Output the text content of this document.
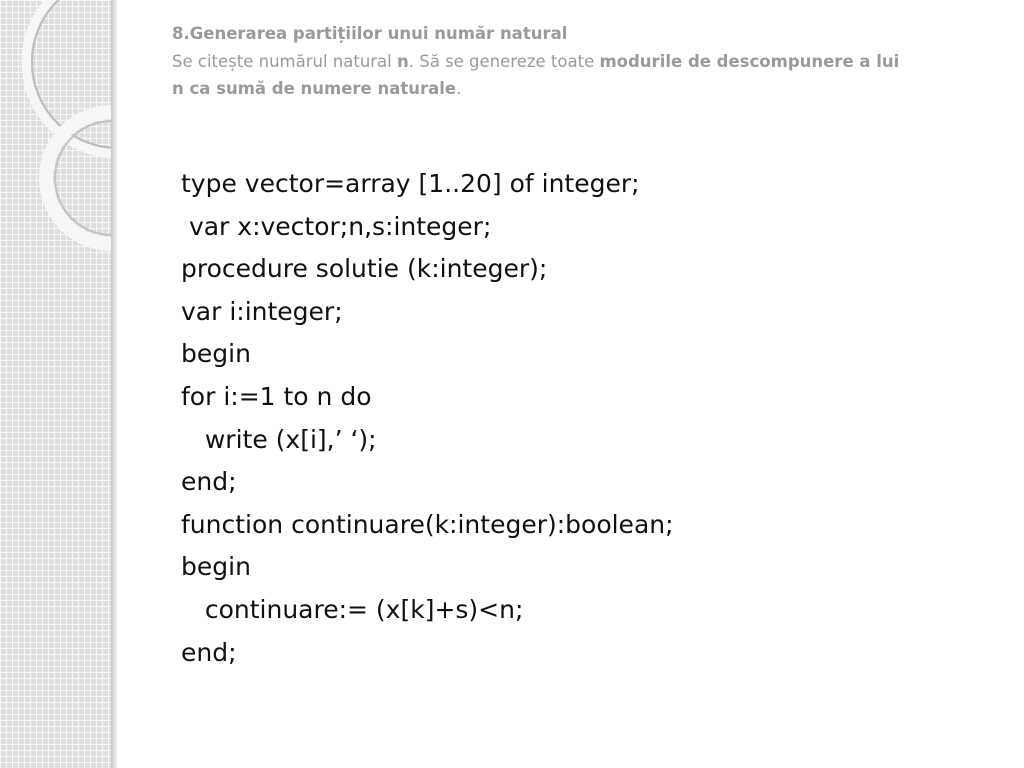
8.Generarea partițiilor unui număr natural
Se citește numărul natural n. Să se genereze toate modurile de descompunere a lui
n ca sumă de numere naturale.
type vector=array [1..20] of integer;
var x:vector;n,s:integer;
procedure solutie (k:integer);
var i:integer;
begin
for i:=1 to n do
write (x[i],’ ‘);
end;
function continuare(k:integer):boolean;
begin
continuare:= (x[k]+s)<n;
end;
